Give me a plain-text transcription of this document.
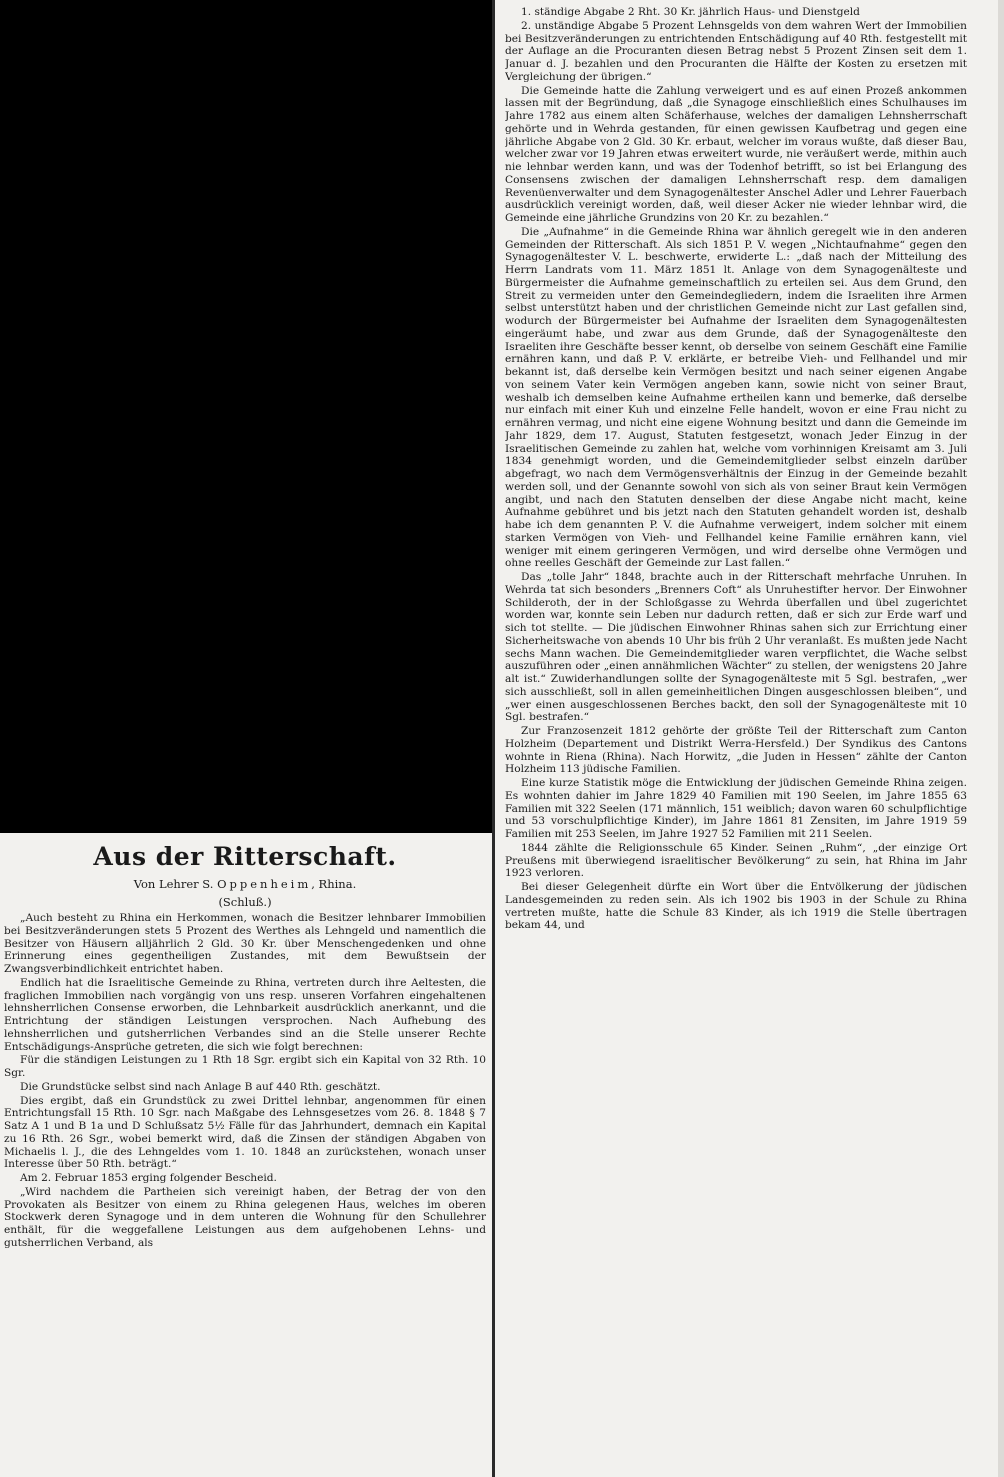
1. ständige Abgabe 2 Rht. 30 Kr. jährlich Haus- und Dienstgeld

2. unständige Abgabe 5 Prozent Lehnsgelds von dem wahren Wert der Immobilien bei Besitzveränderungen zu entrichtenden Entschädigung auf 40 Rth. festgestellt mit der Auflage an die Procuranten diesen Betrag nebst 5 Prozent Zinsen seit dem 1. Januar d. J. bezahlen und den Procuranten die Hälfte der Kosten zu ersetzen mit Vergleichung der übrigen.“

Die Gemeinde hatte die Zahlung verweigert und es auf einen Prozeß ankommen lassen mit der Begründung, daß „die Synagoge einschließlich eines Schulhauses im Jahre 1782 aus einem alten Schäferhause, welches der damaligen Lehnsherrschaft gehörte und in Wehrda gestanden, für einen gewissen Kaufbetrag und gegen eine jährliche Abgabe von 2 Gld. 30 Kr. erbaut, welcher im voraus wußte, daß dieser Bau, welcher zwar vor 19 Jahren etwas erweitert wurde, nie veräußert werde, mithin auch nie lehnbar werden kann, und was der Todenhof betrifft, so ist bei Erlangung des Consensens zwischen der damaligen Lehnsherrschaft resp. dem damaligen Revenüenverwalter und dem Synagogenältester Anschel Adler und Lehrer Fauerbach ausdrücklich vereinigt worden, daß, weil dieser Acker nie wieder lehnbar wird, die Gemeinde eine jährliche Grundzins von 20 Kr. zu bezahlen.“

Die „Aufnahme“ in die Gemeinde Rhina war ähnlich geregelt wie in den anderen Gemeinden der Ritterschaft. Als sich 1851 P. V. wegen „Nichtaufnahme“ gegen den Synagogenältester V. L. beschwerte, erwiderte L.: „daß nach der Mitteilung des Herrn Landrats vom 11. März 1851 lt. Anlage von dem Synagogenälteste und Bürgermeister die Aufnahme gemeinschaftlich zu erteilen sei. Aus dem Grund, den Streit zu vermeiden unter den Gemeindegliedern, indem die Israeliten ihre Armen selbst unterstützt haben und der christlichen Gemeinde nicht zur Last gefallen sind, wodurch der Bürgermeister bei Aufnahme der Israeliten dem Synagogenältesten eingeräumt habe, und zwar aus dem Grunde, daß der Synagogenälteste den Israeliten ihre Geschäfte besser kennt, ob derselbe von seinem Geschäft eine Familie ernähren kann, und daß P. V. erklärte, er betreibe Vieh- und Fellhandel und mir bekannt ist, daß derselbe kein Vermögen besitzt und nach seiner eigenen Angabe von seinem Vater kein Vermögen angeben kann, sowie nicht von seiner Braut, weshalb ich demselben keine Aufnahme ertheilen kann und bemerke, daß derselbe nur einfach mit einer Kuh und einzelne Felle handelt, wovon er eine Frau nicht zu ernähren vermag, und nicht eine eigene Wohnung besitzt und dann die Gemeinde im Jahr 1829, dem 17. August, Statuten festgesetzt, wonach Jeder Einzug in der Israelitischen Gemeinde zu zahlen hat, welche vom vorhinnigen Kreisamt am 3. Juli 1834 genehmigt worden, und die Gemeindemitglieder selbst einzeln darüber abgefragt, wo nach dem Vermögensverhältnis der Einzug in der Gemeinde bezahlt werden soll, und der Genannte sowohl von sich als von seiner Braut kein Vermögen angibt, und nach den Statuten denselben der diese Angabe nicht macht, keine Aufnahme gebühret und bis jetzt nach den Statuten gehandelt worden ist, deshalb habe ich dem genannten P. V. die Aufnahme verweigert, indem solcher mit einem starken Vermögen von Vieh- und Fellhandel keine Familie ernähren kann, viel weniger mit einem geringeren Vermögen, und wird derselbe ohne Vermögen und ohne reelles Geschäft der Gemeinde zur Last fallen.“

Das „tolle Jahr“ 1848, brachte auch in der Ritterschaft mehrfache Unruhen. In Wehrda tat sich besonders „Brenners Coft“ als Unruhestifter hervor. Der Einwohner Schilderoth, der in der Schloßgasse zu Wehrda überfallen und übel zugerichtet worden war, konnte sein Leben nur dadurch retten, daß er sich zur Erde warf und sich tot stellte. — Die jüdischen Einwohner Rhinas sahen sich zur Errichtung einer Sicherheitswache von abends 10 Uhr bis früh 2 Uhr veranlaßt. Es mußten jede Nacht sechs Mann wachen. Die Gemeindemitglieder waren verpflichtet, die Wache selbst auszuführen oder „einen annähmlichen Wächter“ zu stellen, der wenigstens 20 Jahre alt ist.“ Zuwiderhandlungen sollte der Synagogenälteste mit 5 Sgl. bestrafen, „wer sich ausschließt, soll in allen gemeinheitlichen Dingen ausgeschlossen bleiben“, und „wer einen ausgeschlossenen Berches backt, den soll der Synagogenälteste mit 10 Sgl. bestrafen.“

Zur Franzosenzeit 1812 gehörte der größte Teil der Ritterschaft zum Canton Holzheim (Departement und Distrikt Werra-Hersfeld.) Der Syndikus des Cantons wohnte in Riena (Rhina). Nach Horwitz, „die Juden in Hessen“ zählte der Canton Holzheim 113 jüdische Familien.

Eine kurze Statistik möge die Entwicklung der jüdischen Gemeinde Rhina zeigen. Es wohnten dahier im Jahre 1829 40 Familien mit 190 Seelen, im Jahre 1855 63 Familien mit 322 Seelen (171 männlich, 151 weiblich; davon waren 60 schulpflichtige und 53 vorschulpflichtige Kinder), im Jahre 1861 81 Zensiten, im Jahre 1919 59 Familien mit 253 Seelen, im Jahre 1927 52 Familien mit 211 Seelen.

1844 zählte die Religionsschule 65 Kinder. Seinen „Ruhm“, „der einzige Ort Preußens mit überwiegend israelitischer Bevölkerung“ zu sein, hat Rhina im Jahr 1923 verloren.

Bei dieser Gelegenheit dürfte ein Wort über die Entvölkerung der jüdischen Landesgemeinden zu reden sein. Als ich 1902 bis 1903 in der Schule zu Rhina vertreten mußte, hatte die Schule 83 Kinder, als ich 1919 die Stelle übertragen bekam 44, und

Aus der Ritterschaft.
Von Lehrer S. Oppenheim, Rhina.
(Schluß.)

„Auch besteht zu Rhina ein Herkommen, wonach die Besitzer lehnbarer Immobilien bei Besitzveränderungen stets 5 Prozent des Werthes als Lehngeld und namentlich die Besitzer von Häusern alljährlich 2 Gld. 30 Kr. über Menschengedenken und ohne Erinnerung eines gegentheiligen Zustandes, mit dem Bewußtsein der Zwangsverbindlichkeit entrichtet haben.

Endlich hat die Israelitische Gemeinde zu Rhina, vertreten durch ihre Aeltesten, die fraglichen Immobilien nach vorgängig von uns resp. unseren Vorfahren eingehaltenen lehnsherrlichen Consense erworben, die Lehnbarkeit ausdrücklich anerkannt, und die Entrichtung der ständigen Leistungen versprochen. Nach Aufhebung des lehnsherrlichen und gutsherrlichen Verbandes sind an die Stelle unserer Rechte Entschädigungs-Ansprüche getreten, die sich wie folgt berechnen:

Für die ständigen Leistungen zu 1 Rth 18 Sgr. ergibt sich ein Kapital von 32 Rth. 10 Sgr.

Die Grundstücke selbst sind nach Anlage B auf 440 Rth. geschätzt.

Dies ergibt, daß ein Grundstück zu zwei Drittel lehnbar, angenommen für einen Entrichtungsfall 15 Rth. 10 Sgr. nach Maßgabe des Lehnsgesetzes vom 26. 8. 1848 § 7 Satz A 1 und B 1a und D Schlußsatz 5½ Fälle für das Jahrhundert, demnach ein Kapital zu 16 Rth. 26 Sgr., wobei bemerkt wird, daß die Zinsen der ständigen Abgaben von Michaelis l. J., die des Lehngeldes vom 1. 10. 1848 an zurückstehen, wonach unser Interesse über 50 Rth. beträgt.“

Am 2. Februar 1853 erging folgender Bescheid.

„Wird nachdem die Partheien sich vereinigt haben, der Betrag der von den Provokaten als Besitzer von einem zu Rhina gelegenen Haus, welches im oberen Stockwerk deren Synagoge und in dem unteren die Wohnung für den Schullehrer enthält, für die weggefallene Leistungen aus dem aufgehobenen Lehns- und gutsherrlichen Verband, als
